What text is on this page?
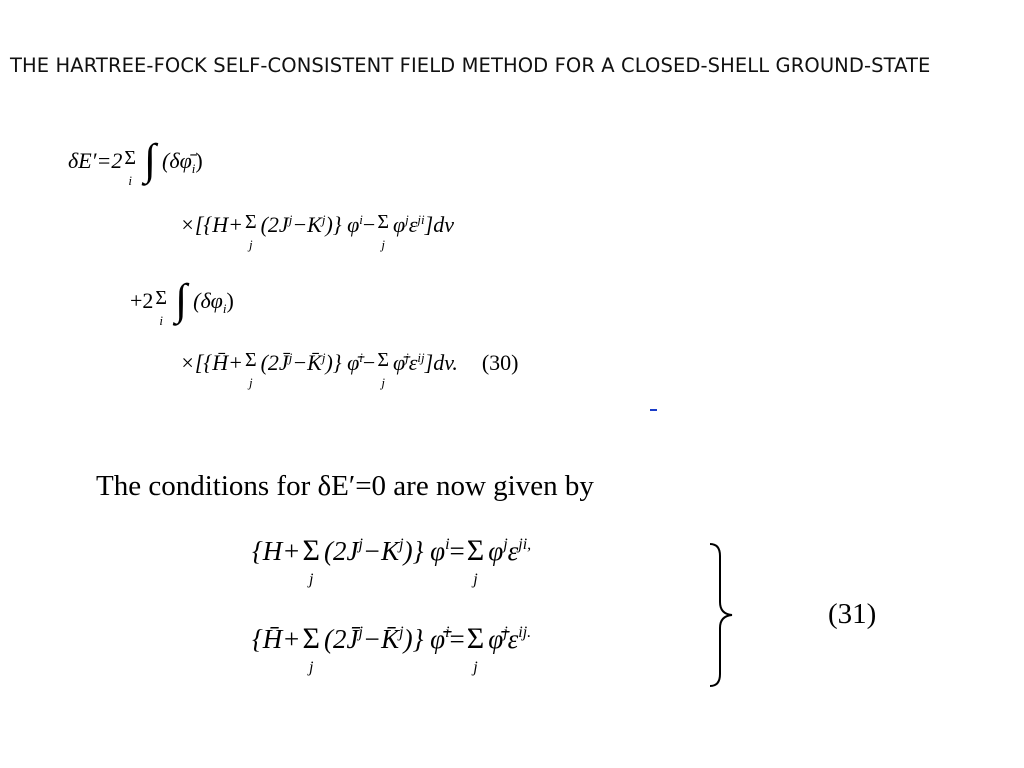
THE HARTREE-FOCK SELF-CONSISTENT FIELD METHOD FOR A CLOSED-SHELL GROUND-STATE
δE′=2 Σ
i ∫ $(\delta\varphī_i)$
×[{H+ Σ
j
(2J j −K j )} φ i − Σ
j
φ j ε ji ]dv
+2 Σ
i ∫ $(\delta\varphi_i)$
×[{H̄+ Σ
j
(2J̄ j −K̄ j )} φ̄ i − Σ
j
φ̄ j ε ij ]dv. (30)
The conditions for δE′=0 are now given by
{H+ Σ
j
(2J j −K j )} φ i = Σ
j
φ j ε ji,
{H̄+ Σ
j
(2J̄ j −K̄ j )} φ̄ i = Σ
j
φ̄ j ε ij.
(31)
